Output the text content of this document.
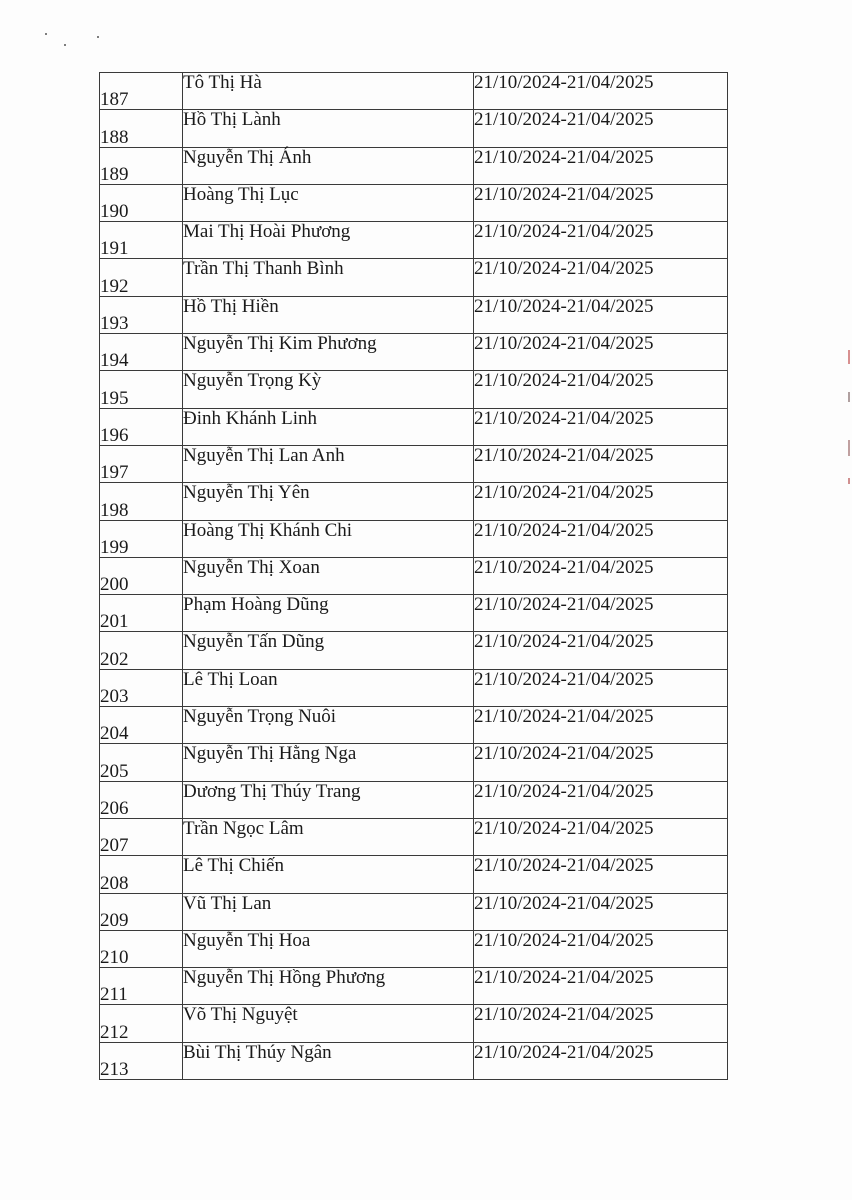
187	Tô Thị Hà	21/10/2024-21/04/2025
188	Hồ Thị Lành	21/10/2024-21/04/2025
189	Nguyễn Thị Ánh	21/10/2024-21/04/2025
190	Hoàng Thị Lục	21/10/2024-21/04/2025
191	Mai Thị Hoài Phương	21/10/2024-21/04/2025
192	Trần Thị Thanh Bình	21/10/2024-21/04/2025
193	Hồ Thị Hiền	21/10/2024-21/04/2025
194	Nguyễn Thị Kim Phương	21/10/2024-21/04/2025
195	Nguyễn Trọng Kỳ	21/10/2024-21/04/2025
196	Đinh Khánh Linh	21/10/2024-21/04/2025
197	Nguyễn Thị Lan Anh	21/10/2024-21/04/2025
198	Nguyễn Thị Yên	21/10/2024-21/04/2025
199	Hoàng Thị Khánh Chi	21/10/2024-21/04/2025
200	Nguyễn Thị Xoan	21/10/2024-21/04/2025
201	Phạm Hoàng Dũng	21/10/2024-21/04/2025
202	Nguyễn Tấn Dũng	21/10/2024-21/04/2025
203	Lê Thị Loan	21/10/2024-21/04/2025
204	Nguyễn Trọng Nuôi	21/10/2024-21/04/2025
205	Nguyễn Thị Hằng Nga	21/10/2024-21/04/2025
206	Dương Thị Thúy Trang	21/10/2024-21/04/2025
207	Trần Ngọc Lâm	21/10/2024-21/04/2025
208	Lê Thị Chiến	21/10/2024-21/04/2025
209	Vũ Thị Lan	21/10/2024-21/04/2025
210	Nguyễn Thị Hoa	21/10/2024-21/04/2025
211	Nguyễn Thị Hồng Phương	21/10/2024-21/04/2025
212	Võ Thị Nguyệt	21/10/2024-21/04/2025
213	Bùi Thị Thúy Ngân	21/10/2024-21/04/2025
